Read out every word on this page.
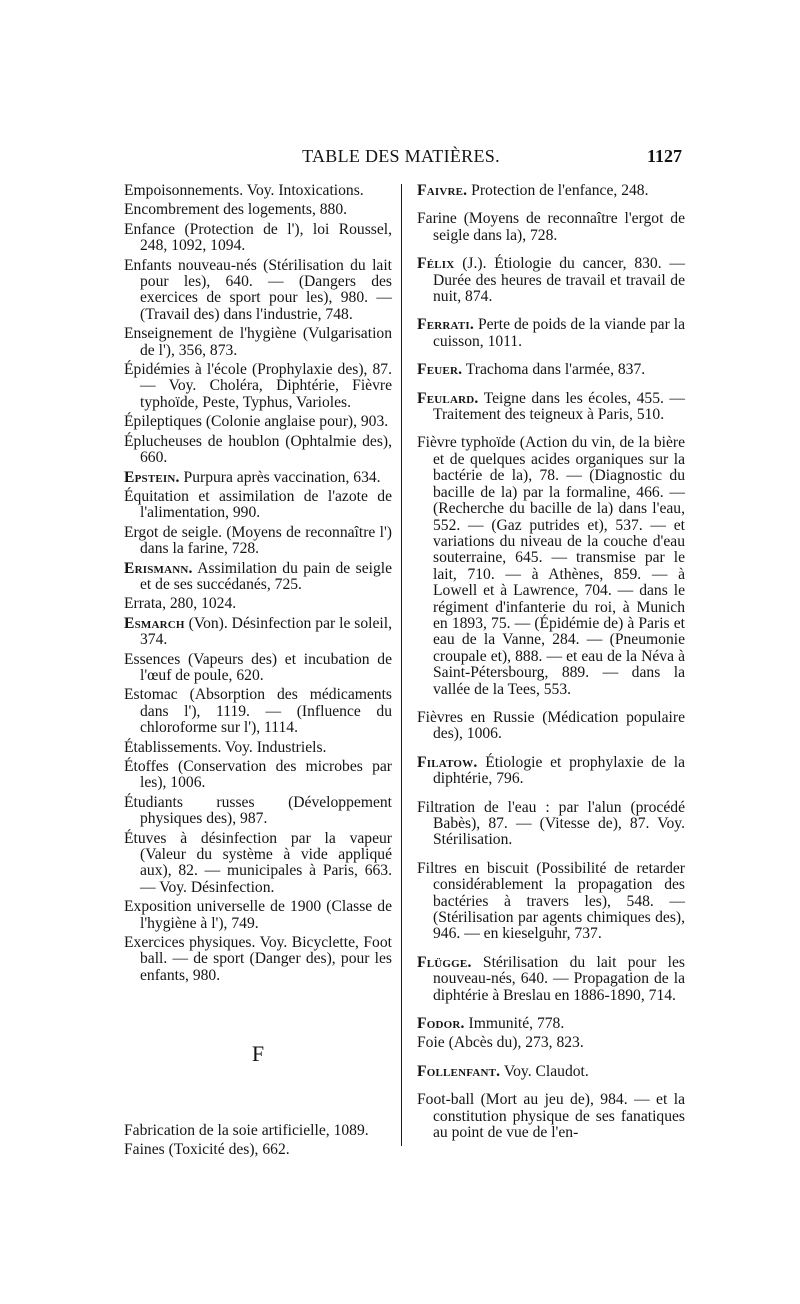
TABLE DES MATIÈRES.	1127

Empoisonnements. Voy. Intoxications.

Encombrement des logements, 880.

Enfance (Protection de l'), loi Roussel, 248, 1092, 1094.

Enfants nouveau-nés (Stérilisation du lait pour les), 640. — (Dangers des exercices de sport pour les), 980. — (Travail des) dans l'industrie, 748.

Enseignement de l'hygiène (Vulgarisation de l'), 356, 873.

Épidémies à l'école (Prophylaxie des), 87. — Voy. Choléra, Diphtérie, Fièvre typhoïde, Peste, Typhus, Varioles.

Épileptiques (Colonie anglaise pour), 903.

Éplucheuses de houblon (Ophtalmie des), 660.

Epstein. Purpura après vaccination, 634.

Équitation et assimilation de l'azote de l'alimentation, 990.

Ergot de seigle. (Moyens de reconnaître l') dans la farine, 728.

Erismann. Assimilation du pain de seigle et de ses succédanés, 725.

Errata, 280, 1024.

Esmarch (Von). Désinfection par le soleil, 374.

Essences (Vapeurs des) et incubation de l'œuf de poule, 620.

Estomac (Absorption des médicaments dans l'), 1119. — (Influence du chloroforme sur l'), 1114.

Établissements. Voy. Industriels.

Étoffes (Conservation des microbes par les), 1006.

Étudiants russes (Développement physiques des), 987.

Étuves à désinfection par la vapeur (Valeur du système à vide appliqué aux), 82. — municipales à Paris, 663. — Voy. Désinfection.

Exposition universelle de 1900 (Classe de l'hygiène à l'), 749.

Exercices physiques. Voy. Bicyclette, Foot ball. — de sport (Danger des), pour les enfants, 980.

F

Fabrication de la soie artificielle, 1089.

Faines (Toxicité des), 662.

Faivre. Protection de l'enfance, 248.

Farine (Moyens de reconnaître l'ergot de seigle dans la), 728.

Félix (J.). Étiologie du cancer, 830. — Durée des heures de travail et travail de nuit, 874.

Ferrati. Perte de poids de la viande par la cuisson, 1011.

Feuer. Trachoma dans l'armée, 837.

Feulard. Teigne dans les écoles, 455. — Traitement des teigneux à Paris, 510.

Fièvre typhoïde (Action du vin, de la bière et de quelques acides organiques sur la bactérie de la), 78. — (Diagnostic du bacille de la) par la formaline, 466. — (Recherche du bacille de la) dans l'eau, 552. — (Gaz putrides et), 537. — et variations du niveau de la couche d'eau souterraine, 645. — transmise par le lait, 710. — à Athènes, 859. — à Lowell et à Lawrence, 704. — dans le régiment d'infanterie du roi, à Munich en 1893, 75. — (Épidémie de) à Paris et eau de la Vanne, 284. — (Pneumonie croupale et), 888. — et eau de la Néva à Saint-Pétersbourg, 889. — dans la vallée de la Tees, 553.

Fièvres en Russie (Médication populaire des), 1006.

Filatow. Étiologie et prophylaxie de la diphtérie, 796.

Filtration de l'eau : par l'alun (procédé Babès), 87. — (Vitesse de), 87. Voy. Stérilisation.

Filtres en biscuit (Possibilité de retarder considérablement la propagation des bactéries à travers les), 548. — (Stérilisation par agents chimiques des), 946. — en kieselguhr, 737.

Flügge. Stérilisation du lait pour les nouveau-nés, 640. — Propagation de la diphtérie à Breslau en 1886-1890, 714.

Fodor. Immunité, 778.

Foie (Abcès du), 273, 823.

Follenfant. Voy. Claudot.

Foot-ball (Mort au jeu de), 984. — et la constitution physique de ses fanatiques au point de vue de l'en-
